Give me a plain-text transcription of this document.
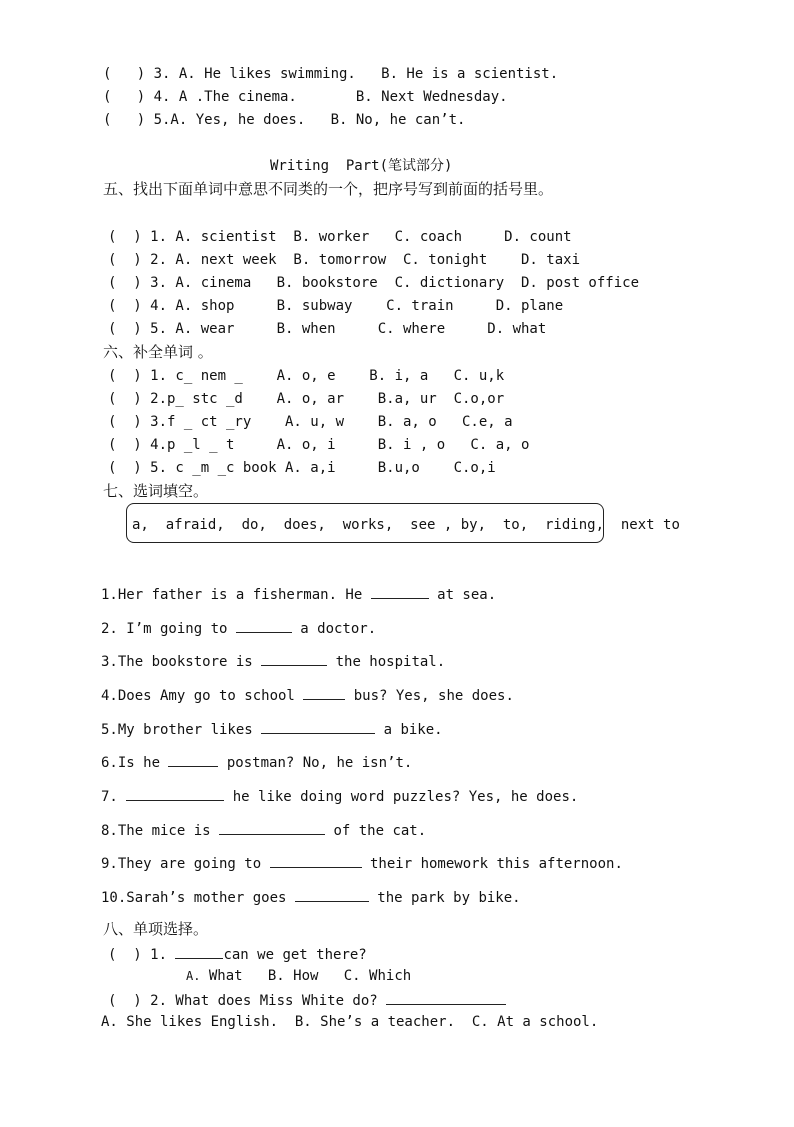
(   ) 3. A. He likes swimming.   B. He is a scientist.
(   ) 4. A .The cinema.       B. Next Wednesday.
(   ) 5.A. Yes, he does.   B. No, he can’t.
Writing  Part(笔试部分)
五、找出下面单词中意思不同类的一个，把序号写到前面的括号里。
(  ) 1. A. scientist  B. worker   C. coach     D. count
(  ) 2. A. next week  B. tomorrow  C. tonight    D. taxi
(  ) 3. A. cinema   B. bookstore  C. dictionary  D. post office
(  ) 4. A. shop     B. subway    C. train     D. plane
(  ) 5. A. wear     B. when     C. where     D. what
六、补全单词 。
(  ) 1. c_ nem _    A. o, e    B. i, a   C. u,k
(  ) 2.p_ stc _d    A. o, ar    B.a, ur  C.o,or
(  ) 3.f _ ct _ry    A. u, w    B. a, o   C.e, a
(  ) 4.p _l _ t     A. o, i     B. i , o   C. a, o
(  ) 5. c _m _c book A. a,i     B.u,o    C.o,i
七、选词填空。
a,  afraid,  do,  does,  works,  see , by,  to,  riding,  next to
1.Her father is a fisherman. He	at sea.
2. I’m going to	a doctor.
3.The bookstore is	the hospital.
4.Does Amy go to school	bus? Yes, she does.
5.My brother likes	a bike.
6.Is he	postman? No, he isn’t.
7.	he like doing word puzzles? Yes, he does.
8.The mice is	of the cat.
9.They are going to	their homework this afternoon.
10.Sarah’s mother goes	the park by bike.
八、单项选择。
(  ) 1.	can we get there?
A. What   B. How   C. Which
(  ) 2. What does Miss White do?
A. She likes English.  B. She’s a teacher.  C. At a school.
